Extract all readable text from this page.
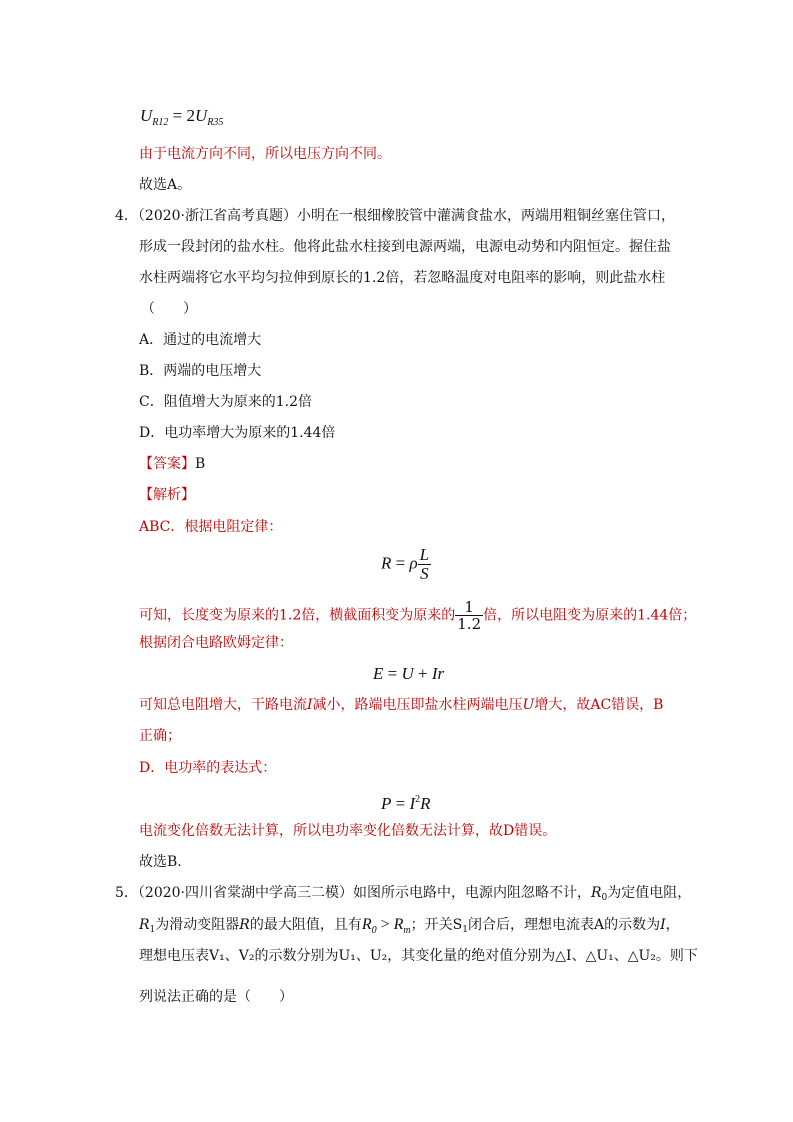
$U_{R12} = 2U_{R35}$
由于电流方向不同，所以电压方向不同。
故选A。
4．（2020·浙江省高考真题）小明在一根细橡胶管中灌满食盐水，两端用粗铜丝塞住管口，
形成一段封闭的盐水柱。他将此盐水柱接到电源两端，电源电动势和内阻恒定。握住盐
水柱两端将它水平均匀拉伸到原长的1.2倍，若忽略温度对电阻率的影响，则此盐水柱
（　　）
A．通过的电流增大
B．两端的电压增大
C．阻值增大为原来的1.2倍
D．电功率增大为原来的1.44倍
【答案】B
【解析】
ABC．根据电阻定律：
R = ρ $\frac{L}{S}$
可知，长度变为原来的1.2倍，横截面积变为原来的 $\frac{1}{1.2}$ 倍，所以电阻变为原来的1.44倍；
根据闭合电路欧姆定律：
E = U + Ir
可知总电阻增大，干路电流I减小，路端电压即盐水柱两端电压U增大，故AC错误，B
正确；
D．电功率的表达式：
$P = I^2R$
电流变化倍数无法计算，所以电功率变化倍数无法计算，故D错误。
故选B.
5．（2020·四川省棠湖中学高三二模）如图所示电路中，电源内阻忽略不计，$R_0$为定值电阻，
$R_1$为滑动变阻器R的最大阻值，且有$R_0 > R_m$；开关$S_1$闭合后，理想电流表A的示数为I，
理想电压表V₁、V₂的示数分别为U₁、U₂，其变化量的绝对值分别为△I、△U₁、△U₂。则下
列说法正确的是（　　）
